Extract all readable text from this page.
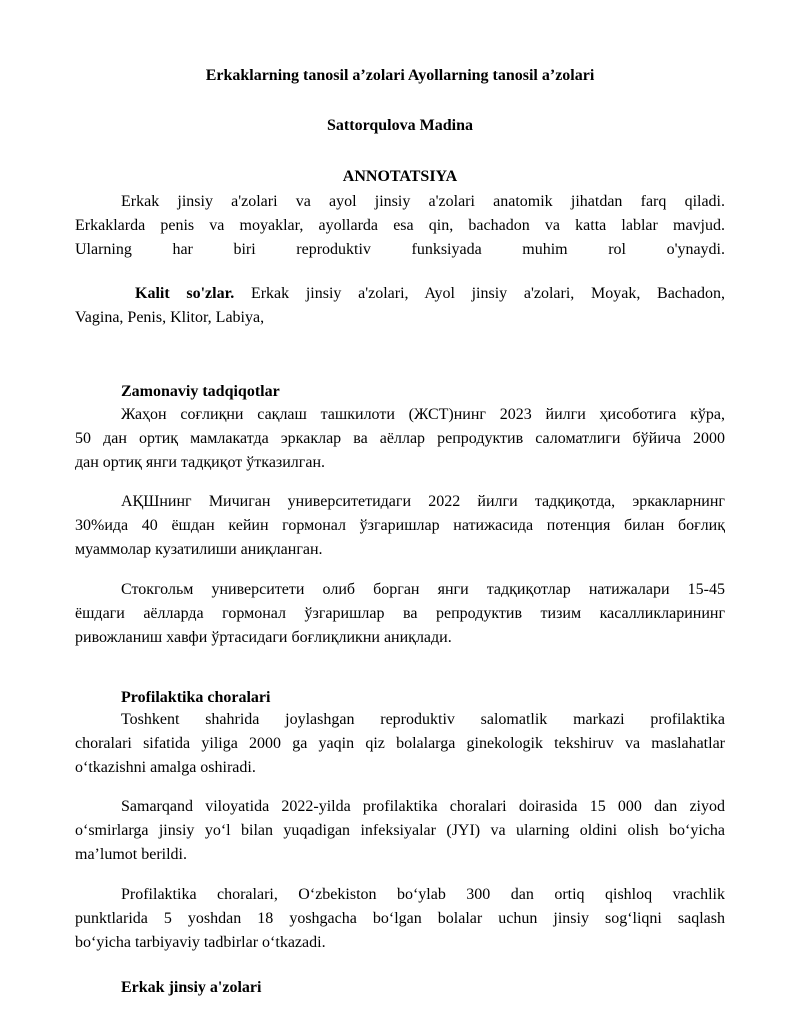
Erkaklarning tanosil a’zolari Ayollarning tanosil a’zolari
Sattorqulova Madina
ANNOTATSIYA
Erkak jinsiy a'zolari va ayol jinsiy a'zolari anatomik jihatdan farq qiladi.
Erkaklarda penis va moyaklar, ayollarda esa qin, bachadon va katta lablar mavjud.
Ularning har biri reproduktiv funksiyada muhim rol o'ynaydi.
Kalit so'zlar. Erkak jinsiy a'zolari, Ayol jinsiy a'zolari, Moyak, Bachadon,
Vagina, Penis, Klitor, Labiya,
Zamonaviy tadqiqotlar
Жаҳон соғлиқни сақлаш ташкилоти (ЖСТ)нинг 2023 йилги ҳисоботига кўра,
50 дан ортиқ мамлакатда эркаклар ва аёллар репродуктив саломатлиги бўйича 2000
дан ортиқ янги тадқиқот ўтказилган.
АҚШнинг Мичиган университетидаги 2022 йилги тадқиқотда, эркакларнинг
30%ида 40 ёшдан кейин гормонал ўзгаришлар натижасида потенция билан боғлиқ
муаммолар кузатилиши аниқланган.
Стокгольм университети олиб борган янги тадқиқотлар натижалари 15-45
ёшдаги аёлларда гормонал ўзгаришлар ва репродуктив тизим касалликларининг
ривожланиш хавфи ўртасидаги боғлиқликни аниқлади.
Profilaktika choralari
Toshkent shahrida joylashgan reproduktiv salomatlik markazi profilaktika
choralari sifatida yiliga 2000 ga yaqin qiz bolalarga ginekologik tekshiruv va maslahatlar
o‘tkazishni amalga oshiradi.
Samarqand viloyatida 2022-yilda profilaktika choralari doirasida 15 000 dan ziyod
o‘smirlarga jinsiy yo‘l bilan yuqadigan infeksiyalar (JYI) va ularning oldini olish bo‘yicha
ma’lumot berildi.
Profilaktika choralari, O‘zbekiston bo‘ylab 300 dan ortiq qishloq vrachlik
punktlarida 5 yoshdan 18 yoshgacha bo‘lgan bolalar uchun jinsiy sog‘liqni saqlash
bo‘yicha tarbiyaviy tadbirlar o‘tkazadi.
Erkak jinsiy a'zolari
